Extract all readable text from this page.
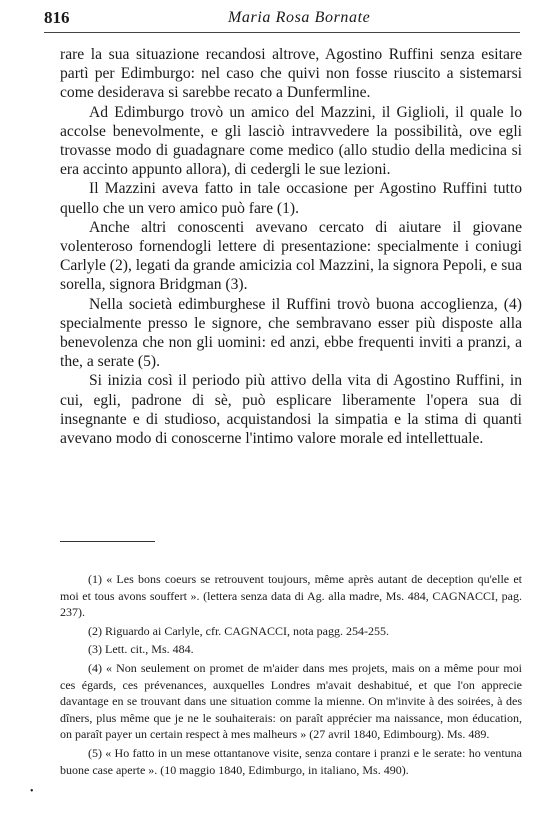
816	Maria Rosa Bornate

rare la sua situazione recandosi altrove, Agostino Ruffini senza esitare partì per Edimburgo: nel caso che quivi non fosse riuscito a sistemarsi come desiderava si sarebbe recato a Dunfermline.

Ad Edimburgo trovò un amico del Mazzini, il Giglioli, il quale lo accolse benevolmente, e gli lasciò intravvedere la possibilità, ove egli trovasse modo di guadagnare come medico (allo studio della medicina si era accinto appunto allora), di cedergli le sue lezioni.

Il Mazzini aveva fatto in tale occasione per Agostino Ruffini tutto quello che un vero amico può fare (1).

Anche altri conoscenti avevano cercato di aiutare il giovane volenteroso fornendogli lettere di presentazione: specialmente i coniugi Carlyle (2), legati da grande amicizia col Mazzini, la signora Pepoli, e sua sorella, signora Bridgman (3).

Nella società edimburghese il Ruffini trovò buona accoglienza, (4) specialmente presso le signore, che sembravano esser più disposte alla benevolenza che non gli uomini: ed anzi, ebbe frequenti inviti a pranzi, a the, a serate (5).

Si inizia così il periodo più attivo della vita di Agostino Ruffini, in cui, egli, padrone di sè, può esplicare liberamente l'opera sua di insegnante e di studioso, acquistandosi la simpatia e la stima di quanti avevano modo di conoscerne l'intimo valore morale ed intellettuale.

(1) « Les bons coeurs se retrouvent toujours, même après autant de deception qu'elle et moi et tous avons souffert ». (lettera senza data di Ag. alla madre, Ms. 484, CAGNACCI, pag. 237).

(2) Riguardo ai Carlyle, cfr. CAGNACCI, nota pagg. 254-255.

(3) Lett. cit., Ms. 484.

(4) « Non seulement on promet de m'aider dans mes projets, mais on a même pour moi ces égards, ces prévenances, auxquelles Londres m'avait deshabitué, et que l'on apprecie davantage en se trouvant dans une situation comme la mienne. On m'invite à des soirées, à des dîners, plus même que je ne le souhaiterais: on paraît apprécier ma naissance, mon éducation, on paraît payer un certain respect à mes malheurs » (27 avril 1840, Edimbourg). Ms. 489.

(5) « Ho fatto in un mese ottantanove visite, senza contare i pranzi e le serate: ho ventuna buone case aperte ». (10 maggio 1840, Edimburgo, in italiano, Ms. 490).

•
